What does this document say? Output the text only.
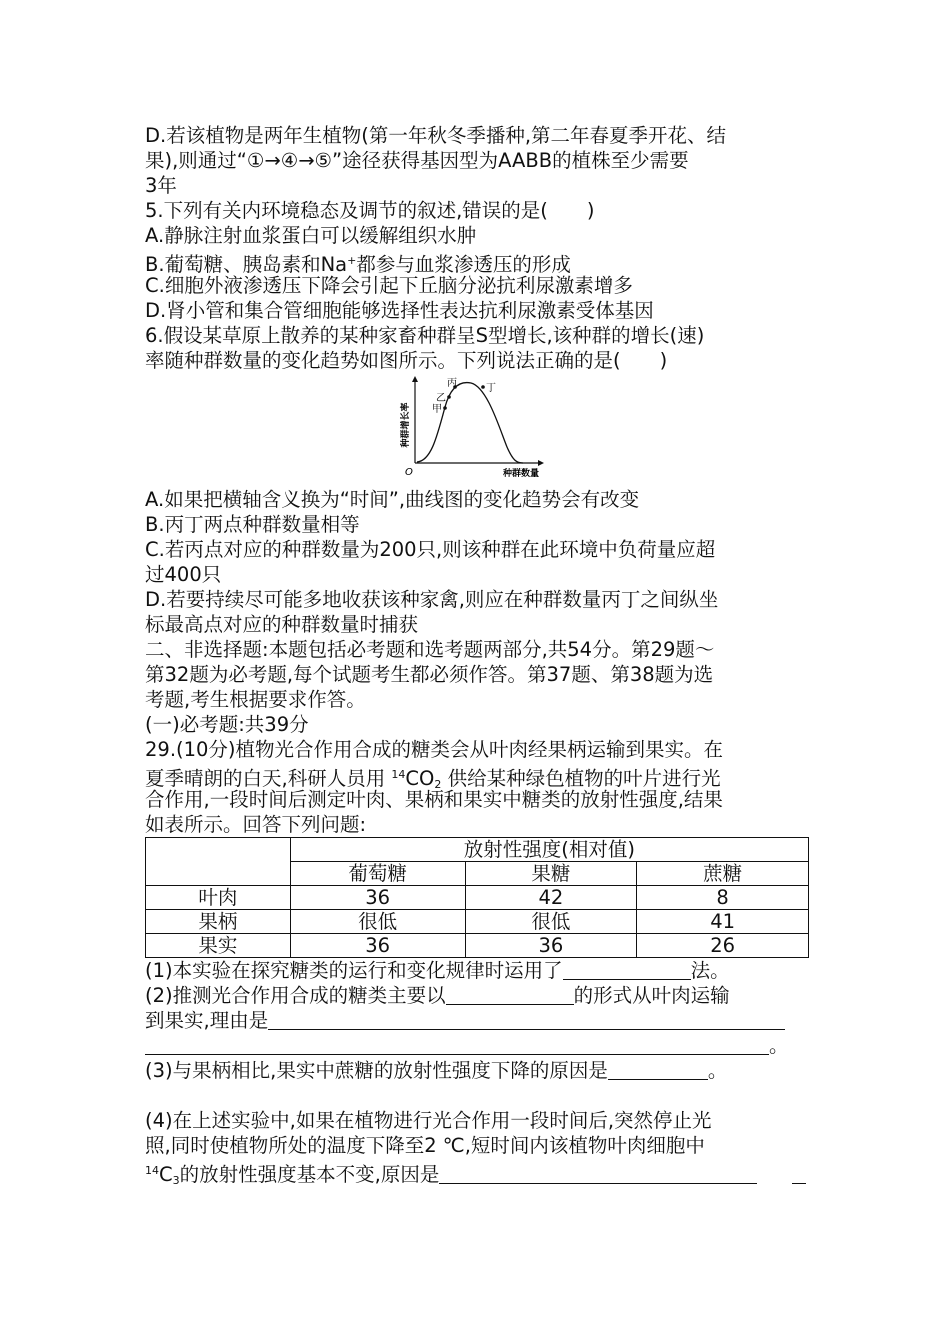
D.若该植物是两年生植物(第一年秋冬季播种,第二年春夏季开花、结
果),则通过“①→④→⑤”途径获得基因型为AABB的植株至少需要
3年
5.下列有关内环境稳态及调节的叙述,错误的是(　　)
A.静脉注射血浆蛋白可以缓解组织水肿
B.葡萄糖、胰岛素和Na+都参与血浆渗透压的形成
C.细胞外液渗透压下降会引起下丘脑分泌抗利尿激素增多
D.肾小管和集合管细胞能够选择性表达抗利尿激素受体基因
6.假设某草原上散养的某种家畜种群呈S型增长,该种群的增长(速)
率随种群数量的变化趋势如图所示。下列说法正确的是(　　)
甲
乙
丙	丁
种群增长率
O	种群数量
A.如果把横轴含义换为“时间”,曲线图的变化趋势会有改变
B.丙丁两点种群数量相等
C.若丙点对应的种群数量为200只,则该种群在此环境中负荷量应超
过400只
D.若要持续尽可能多地收获该种家禽,则应在种群数量丙丁之间纵坐
标最高点对应的种群数量时捕获
二、非选择题:本题包括必考题和选考题两部分,共54分。第29题～
第32题为必考题,每个试题考生都必须作答。第37题、第38题为选
考题,考生根据要求作答。
(一)必考题:共39分
29.(10分)植物光合作用合成的糖类会从叶肉经果柄运输到果实。在
夏季晴朗的白天,科研人员用 $^{14}CO_2$ 供给某种绿色植物的叶片进行光
合作用,一段时间后测定叶肉、果柄和果实中糖类的放射性强度,结果
如表所示。回答下列问题:
	放射性强度(相对值)		
	葡萄糖	果糖	蔗糖
叶肉	36	42	8
果柄	很低	很低	41
果实	36	36	26
(1)本实验在探究糖类的运行和变化规律时运用了	法。
(2)推测光合作用合成的糖类主要以	的形式从叶肉运输
到果实,理由是
。
(3)与果柄相比,果实中蔗糖的放射性强度下降的原因是	。
(4)在上述实验中,如果在植物进行光合作用一段时间后,突然停止光
照,同时使植物所处的温度下降至2 ℃,短时间内该植物叶肉细胞中
$^{14}C_3$的放射性强度基本不变,原因是
